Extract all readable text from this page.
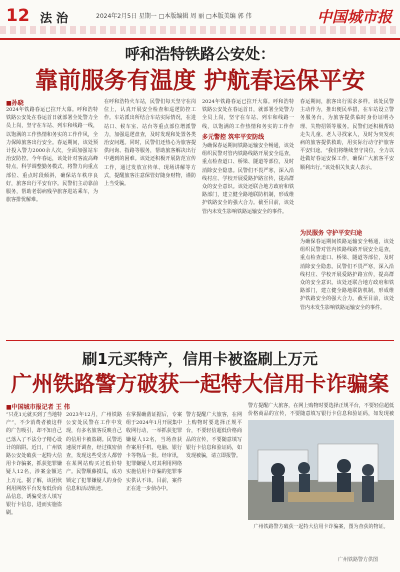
12 法 治	2024年2月5日 星期一 □本版编辑 周 丽 □本版美编 郭 伟	中国城市报
呼和浩特铁路公安处：
靠前服务有温度 护航春运保平安
■孙晓
2024年铁路春运已拉开大幕。呼和浩特铁路公安处在春运首日就部署全处警力全员上岗，坚守在车站、列车和线路一线，以饱满的工作热情和务实的工作作风，全力保障旅客出行安全。春运期间，该处预计投入警力2000余人次，全面加强站车治安防控。今年春运，该处针对客流高峰特点，科学调整勤务模式，将警力向重点部位、重点时段倾斜，确保站车秩序良好，旅客出行平安有序。民警们主动靠前服务，帮助老弱病残孕旅客进站乘车，为旅客排忧解难。
在呼和浩特火车站，民警们每天坚守在岗位上，认真开展安全检查和巡逻防控工作。车站派出所结合车站实际情况，在进站口、候车室、站台等重点部位增派警力，加强巡逻盘查，及时发现和处置各类治安问题。同时，民警们还热心为旅客提供问询、指路等服务，帮助旅客解决出行中遇到的困难。该处还积极开展防范宣传工作，通过发放宣传单、现场讲解等方式，提醒旅客注意保管好随身财物，谨防上当受骗。
多元警控 筑牢平安防线
2024年铁路春运已拉开大幕。呼和浩特铁路公安处在春运首日，就部署全处警力全员上岗，坚守在车站、列车和线路一线，以饱满的工作热情和务实的工作作
为确保春运期间铁路运输安全畅通，该处组织民警对管内铁路线路开展安全巡查，重点检查道口、桥梁、隧道等部位，及时消除安全隐患。民警们不畏严寒，深入沿线村庄、学校开展爱路护路宣传，提高群众的安全意识。该处还联合地方政府和铁路部门，建立健全路地联防机制，形成维护铁路安全的强大合力。截至目前，该处管内未发生影响铁路运输安全的事件。
为民服务 守护平安归途
春运期间，旅客出行需求多样。该处民警主动作为，推出便民举措，在车站设立警务服务台，为旅客提供临时身份证明办理、失物招领等服务。民警们还积极帮助走失儿童、老人寻找家人，及时为突发疾病的旅客提供救助，用实际行动守护旅客平安归途。“我们将继续坚守岗位，全力以赴做好春运安保工作，确保广大旅客平安顺利出行。”该处相关负责人表示。
为确保春运期间铁路运输安全畅通，该处组织民警对管内铁路线路开展安全巡查，重点检查道口、桥梁、隧道等部位，及时消除安全隐患。民警们不畏严寒，深入沿线村庄、学校开展爱路护路宣传，提高群众的安全意识。该处还联合地方政府和铁路部门，建立健全路地联防机制，形成维护铁路安全的强大合力。截至目前，该处管内未发生影响铁路运输安全的事件。
刷1元买特产，信用卡被盗刷上万元
广州铁路警方破获一起特大信用卡诈骗案
■中国城市报记者 王 伟
“只花1元就买到了当地特产”，不少消费者被这样的广告吸引，却不知自己已落入了不法分子精心设计的陷阱。近日，广州铁路公安处破获一起特大信用卡诈骗案，抓获犯罪嫌疑人12名，涉案金额达上万元。据了解，该团伙利用网络平台发布低价商品信息，诱骗受害人填写银行卡信息，进而实施盗刷。
2023年12月，广州铁路公安处民警在工作中发现，有多名旅客反映自己的信用卡被盗刷。民警迅速展开调查，经过缜密侦查，发现这些受害人都曾在某网站购买过低价特产。民警顺藤摸瓜，成功锁定了犯罪嫌疑人的身份信息和活动轨迹。
在掌握确凿证据后，专案组于2024年1月开展集中收网行动，一举抓获犯罪嫌疑人12名，当场查获作案用手机、电脑、银行卡等物品一批。经审讯，犯罪嫌疑人对其利用网络实施信用卡诈骗的犯罪事实供认不讳。目前，案件正在进一步侦办中。
警方提醒广大旅客，在网上购物时要选择正规平台，不要轻信超低价格商品的宣传，不要随意填写银行卡信息和验证码，如发现被骗，请立即报警。
警方提醒广大旅客，在网上购物时要选择正规平台，不要轻信超低价格商品的宣传，不要随意填写银行卡信息和验证码，如发现被
广州铁路警方破获一起特大信用卡诈骗案，图为查获的物证。
广州铁路警方供图
